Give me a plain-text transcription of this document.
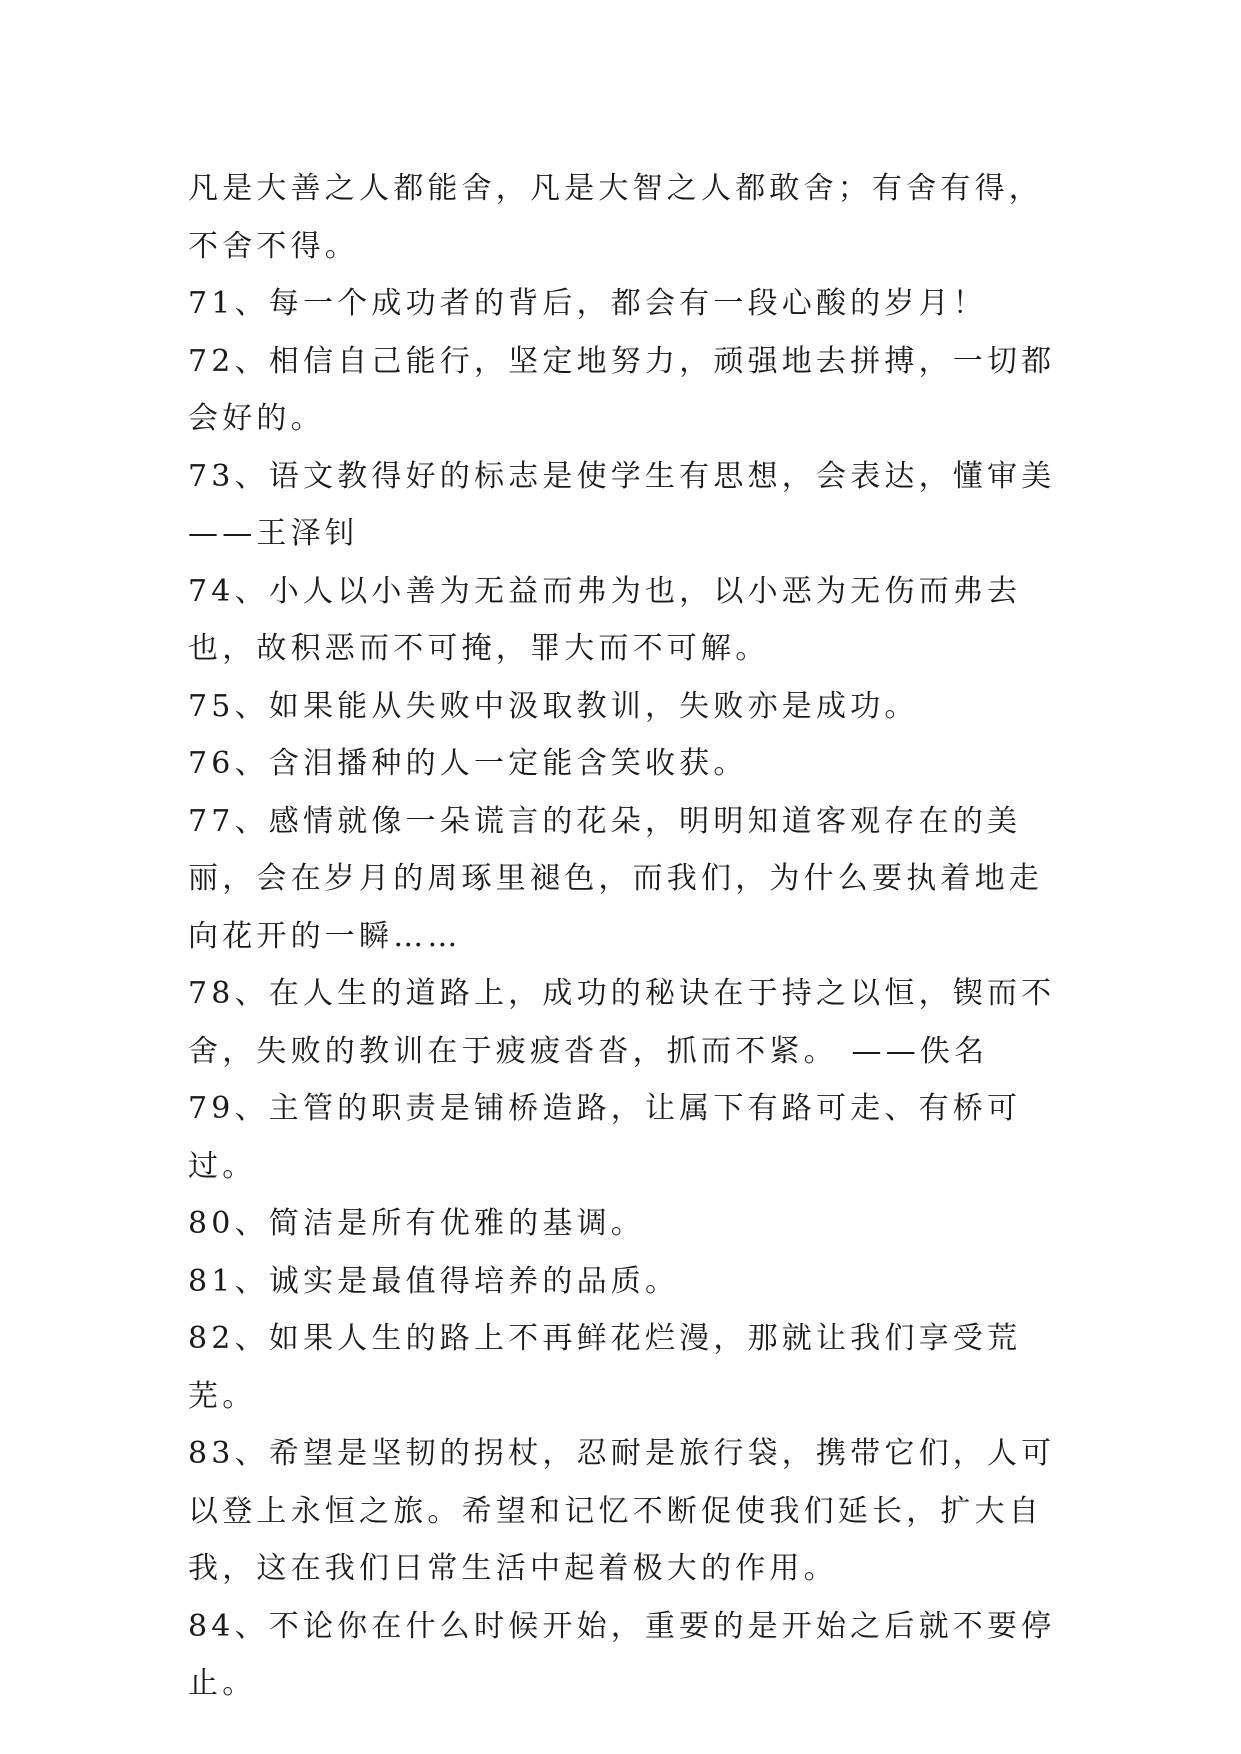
凡是大善之人都能舍，凡是大智之人都敢舍；有舍有得，不舍不得。

71、每一个成功者的背后，都会有一段心酸的岁月！

72、相信自己能行，坚定地努力，顽强地去拼搏，一切都会好的。

73、语文教得好的标志是使学生有思想，会表达，懂审美——王泽钊

74、小人以小善为无益而弗为也，以小恶为无伤而弗去也，故积恶而不可掩，罪大而不可解。

75、如果能从失败中汲取教训，失败亦是成功。

76、含泪播种的人一定能含笑收获。

77、感情就像一朵谎言的花朵，明明知道客观存在的美丽，会在岁月的周琢里褪色，而我们，为什么要执着地走向花开的一瞬……

78、在人生的道路上，成功的秘诀在于持之以恒，锲而不舍，失败的教训在于疲疲沓沓，抓而不紧。 ——佚名

79、主管的职责是铺桥造路，让属下有路可走、有桥可过。

80、简洁是所有优雅的基调。

81、诚实是最值得培养的品质。

82、如果人生的路上不再鲜花烂漫，那就让我们享受荒芜。

83、希望是坚韧的拐杖，忍耐是旅行袋，携带它们，人可以登上永恒之旅。希望和记忆不断促使我们延长，扩大自我，这在我们日常生活中起着极大的作用。

84、不论你在什么时候开始，重要的是开始之后就不要停止。
